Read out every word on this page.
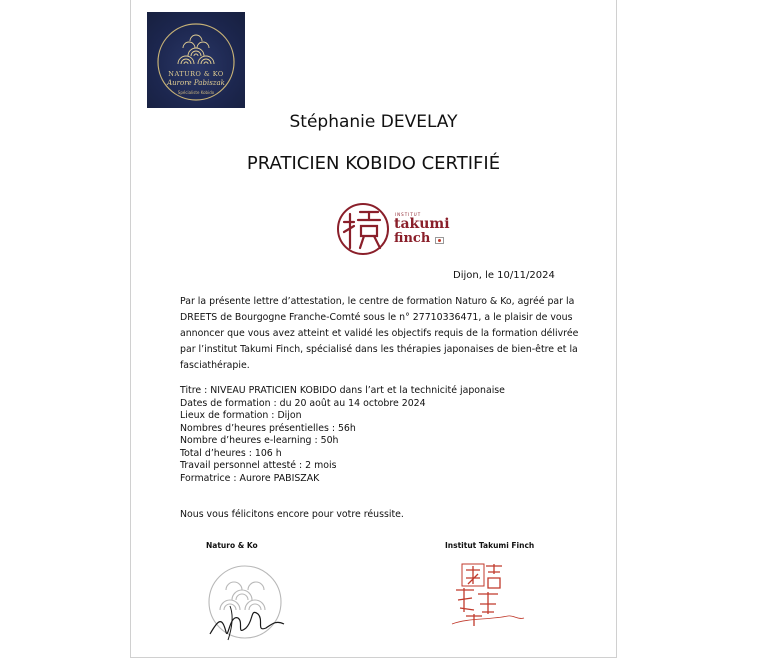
NATURO & KO
Aurore Pabiszak
Spécialiste Kobido
Stéphanie DEVELAY
PRATICIEN KOBIDO CERTIFIÉ
INSTITUT
takumi
finch
Dijon, le 10/11/2024
Par la présente lettre d’attestation, le centre de formation Naturo & Ko, agréé par la
DREETS de Bourgogne Franche-Comté sous le n° 27710336471, a le plaisir de vous
annoncer que vous avez atteint et validé les objectifs requis de la formation délivrée
par l’institut Takumi Finch, spécialisé dans les thérapies japonaises de bien-être et la
fasciathérapie.
Titre : NIVEAU PRATICIEN KOBIDO dans l’art et la technicité japonaise
Dates de formation : du 20 août au 14 octobre 2024
Lieux de formation : Dijon
Nombres d’heures présentielles : 56h
Nombre d’heures e-learning : 50h
Total d’heures : 106 h
Travail personnel attesté : 2 mois
Formatrice : Aurore PABISZAK
Nous vous félicitons encore pour votre réussite.
Naturo & Ko	Institut Takumi Finch
